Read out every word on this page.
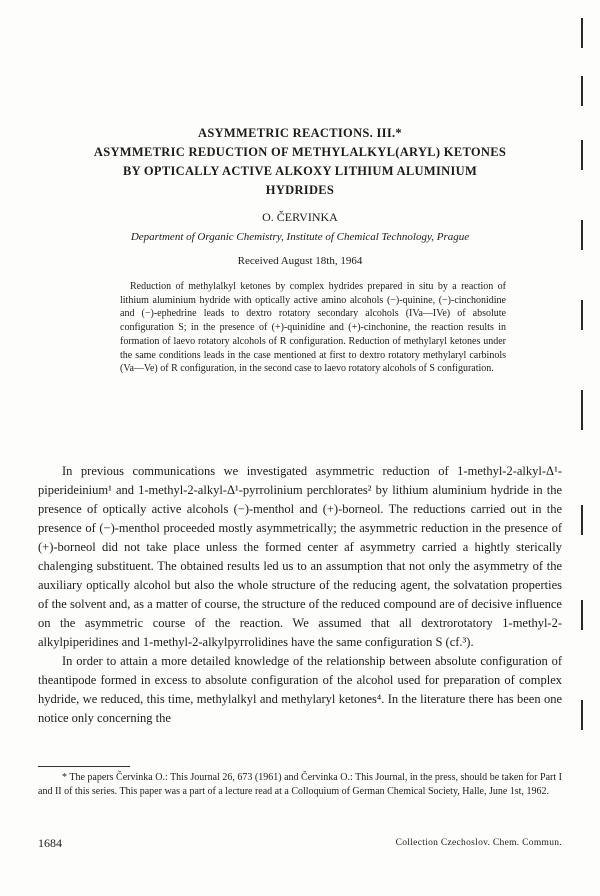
ASYMMETRIC REACTIONS. III.*
ASYMMETRIC REDUCTION OF METHYLALKYL(ARYL) KETONES
BY OPTICALLY ACTIVE ALKOXY LITHIUM ALUMINIUM
HYDRIDES
O. ČERVINKA
Department of Organic Chemistry, Institute of Chemical Technology, Prague
Received August 18th, 1964

Reduction of methylalkyl ketones by complex hydrides prepared in situ by a reaction of lithium aluminium hydride with optically active amino alcohols (−)-quinine, (−)-cinchonidine and (−)-ephedrine leads to dextro rotatory secondary alcohols (IVa—IVe) of absolute configuration S; in the presence of (+)-quinidine and (+)-cinchonine, the reaction results in formation of laevo rotatory alcohols of R configuration. Reduction of methylaryl ketones under the same conditions leads in the case mentioned at first to dextro rotatory methylaryl carbinols (Va—Ve) of R configuration, in the second case to laevo rotatory alcohols of S configuration.

In previous communications we investigated asymmetric reduction of 1-methyl-2-alkyl-Δ¹-piperideinium¹ and 1-methyl-2-alkyl-Δ¹-pyrrolinium perchlorates² by lithium aluminium hydride in the presence of optically active alcohols (−)-menthol and (+)-borneol. The reductions carried out in the presence of (−)-menthol proceeded mostly asymmetrically; the asymmetric reduction in the presence of (+)-borneol did not take place unless the formed center af asymmetry carried a hightly sterically chalenging substituent. The obtained results led us to an assumption that not only the asymmetry of the auxiliary optically alcohol but also the whole structure of the reducing agent, the solvatation properties of the solvent and, as a matter of course, the structure of the reduced compound are of decisive influence on the asymmetric course of the reaction. We assumed that all dextrorotatory 1-methyl-2-alkylpiperidines and 1-methyl-2-alkylpyrrolidines have the same configuration S (cf.³).

In order to attain a more detailed knowledge of the relationship between absolute configuration of theantipode formed in excess to absolute configuration of the alcohol used for preparation of complex hydride, we reduced, this time, methylalkyl and methylaryl ketones⁴. In the literature there has been one notice only concerning the

* The papers Červinka O.: This Journal 26, 673 (1961) and Červinka O.: This Journal, in the press, should be taken for Part I and II of this series. This paper was a part of a lecture read at a Colloquium of German Chemical Society, Halle, June 1st, 1962.

1684	Collection Czechoslov. Chem. Commun.
